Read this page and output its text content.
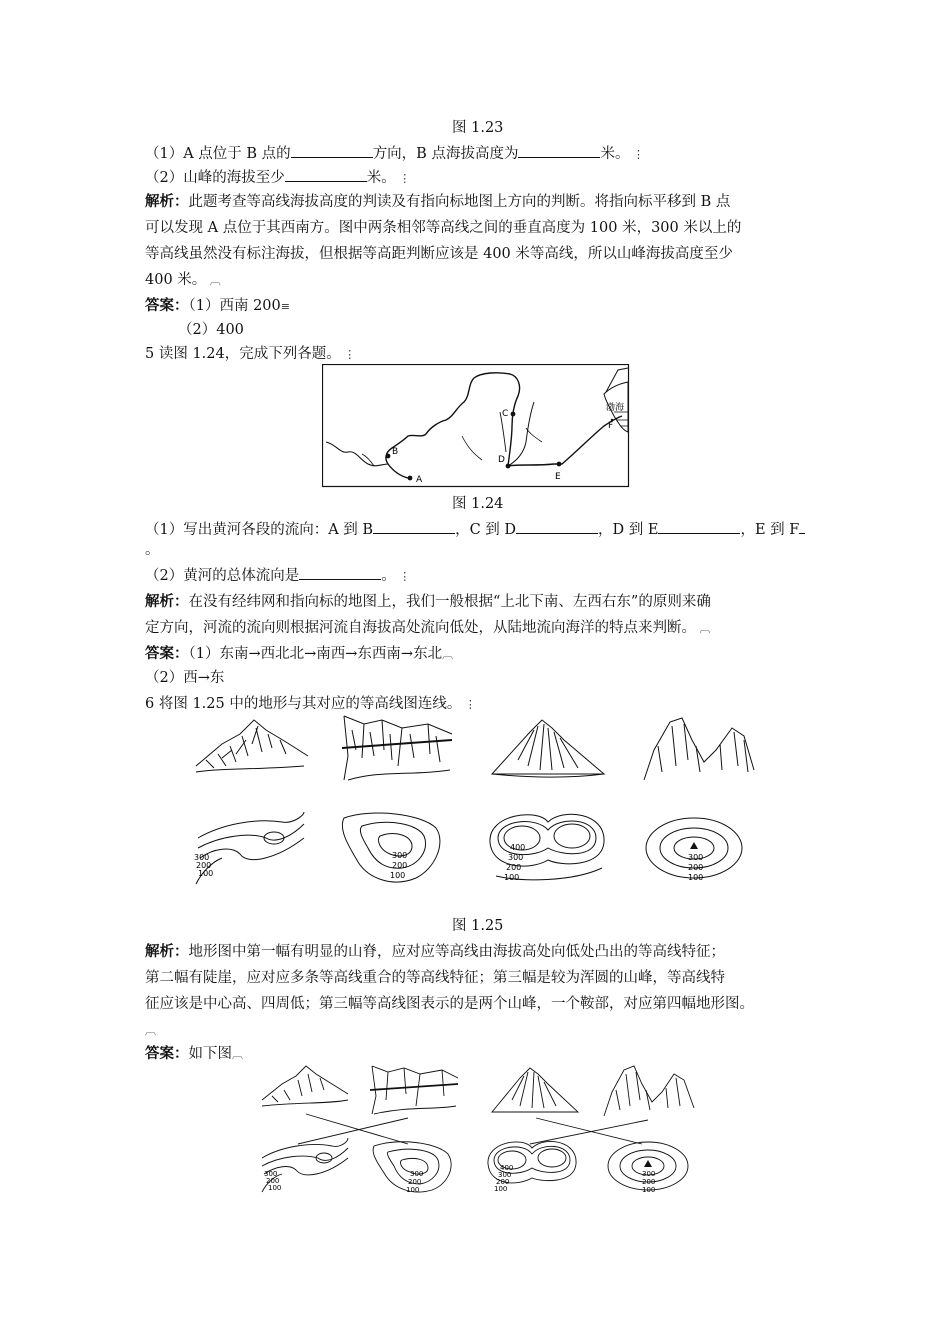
图 1.23
（1）A 点位于 B 点的	方向，B 点海拔高度为	米。 ⋮
（2）山峰的海拔至少	米。 ⋮
解析：此题考查等高线海拔高度的判读及有指向标地图上方向的判断。将指向标平移到 B 点
可以发现 A 点位于其西南方。图中两条相邻等高线之间的垂直高度为 100 米，300 米以上的
等高线虽然没有标注海拔，但根据等高距判断应该是 400 米等高线，所以山峰海拔高度至少
400 米。 ︹
答案：（1）西南 200≡
（2）400
5 读图 1.24，完成下列各题。 ⋮
渤海
B
A
C
D
E
F
图 1.24
（1）写出黄河各段的流向：A 到 B	，C 到 D	，D 到 E	，E 到 F
。
（2）黄河的总体流向是	。 ⋮
解析：在没有经纬网和指向标的地图上，我们一般根据“上北下南、左西右东”的原则来确
定方向，河流的流向则根据河流自海拔高处流向低处，从陆地流向海洋的特点来判断。 ︹
答案：（1）东南→西北北→南西→东西南→东北︹
（2）西→东
6 将图 1.25 中的地形与其对应的等高线图连线。 ⋮
300
200
100
300
200
100
400
300
200
100
300
200
100
图 1.25
解析：地形图中第一幅有明显的山脊，应对应等高线由海拔高处向低处凸出的等高线特征；
第二幅有陡崖，应对应多条等高线重合的等高线特征；第三幅是较为浑圆的山峰，等高线特
征应该是中心高、四周低；第三幅等高线图表示的是两个山峰，一个鞍部，对应第四幅地形图。
︹
答案：如下图︹
300
200
100
300
200
100
400
300
200
100
300
200
100
